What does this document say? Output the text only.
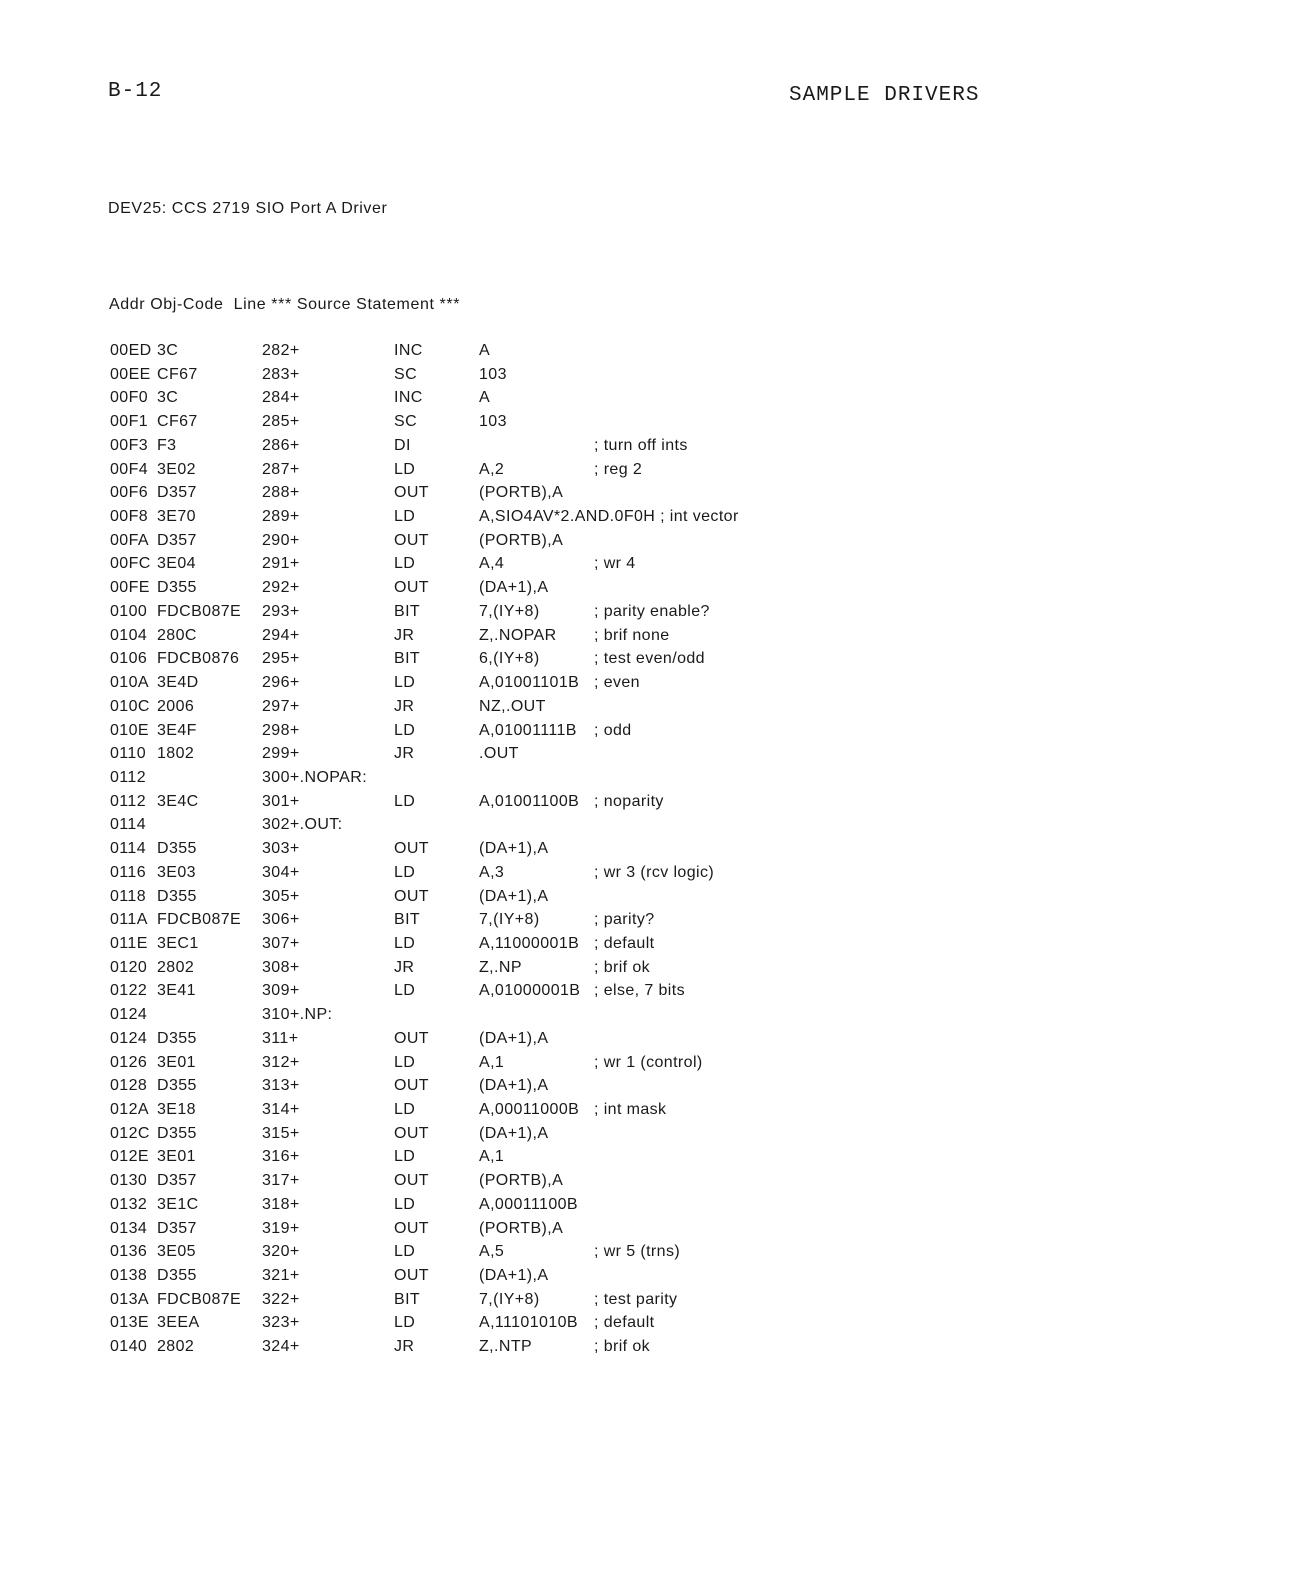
B-12	SAMPLE DRIVERS
DEV25: CCS 2719 SIO Port A Driver
Addr Obj-Code  Line *** Source Statement ***
00ED 3C	282+	INC	A
00EE CF67	283+	SC	103
00F0 3C	284+	INC	A
00F1 CF67	285+	SC	103
00F3 F3	286+	DI	; turn off ints
00F4 3E02	287+	LD	A,2	; reg 2
00F6 D357	288+	OUT	(PORTB),A
00F8 3E70	289+	LD	A,SIO4AV*2.AND.0F0H ; int vector
00FA D357	290+	OUT	(PORTB),A
00FC 3E04	291+	LD	A,4	; wr 4
00FE D355	292+	OUT	(DA+1),A
0100 FDCB087E 293+	BIT	7,(IY+8)	; parity enable?
0104 280C	294+	JR	Z,.NOPAR ; brif none
0106 FDCB0876 295+	BIT	6,(IY+8)	; test even/odd
010A 3E4D	296+	LD	A,01001101B ; even
010C 2006	297+	JR	NZ,.OUT
010E 3E4F	298+	LD	A,01001111B ; odd
0110 1802	299+	JR	.OUT
0112	300+.NOPAR:
0112 3E4C	301+	LD	A,01001100B ; noparity
0114	302+.OUT:
0114 D355	303+	OUT	(DA+1),A
0116 3E03	304+	LD	A,3	; wr 3 (rcv logic)
0118 D355	305+	OUT	(DA+1),A
011A FDCB087E 306+	BIT	7,(IY+8)	; parity?
011E 3EC1	307+	LD	A,11000001B ; default
0120 2802	308+	JR	Z,.NP	; brif ok
0122 3E41	309+	LD	A,01000001B ; else, 7 bits
0124	310+.NP:
0124 D355	311+	OUT	(DA+1),A
0126 3E01	312+	LD	A,1	; wr 1 (control)
0128 D355	313+	OUT	(DA+1),A
012A 3E18	314+	LD	A,00011000B ; int mask
012C D355	315+	OUT	(DA+1),A
012E 3E01	316+	LD	A,1
0130 D357	317+	OUT	(PORTB),A
0132 3E1C	318+	LD	A,00011100B
0134 D357	319+	OUT	(PORTB),A
0136 3E05	320+	LD	A,5	; wr 5 (trns)
0138 D355	321+	OUT	(DA+1),A
013A FDCB087E 322+	BIT	7,(IY+8)	; test parity
013E 3EEA	323+	LD	A,11101010B ; default
0140 2802	324+	JR	Z,.NTP	; brif ok
